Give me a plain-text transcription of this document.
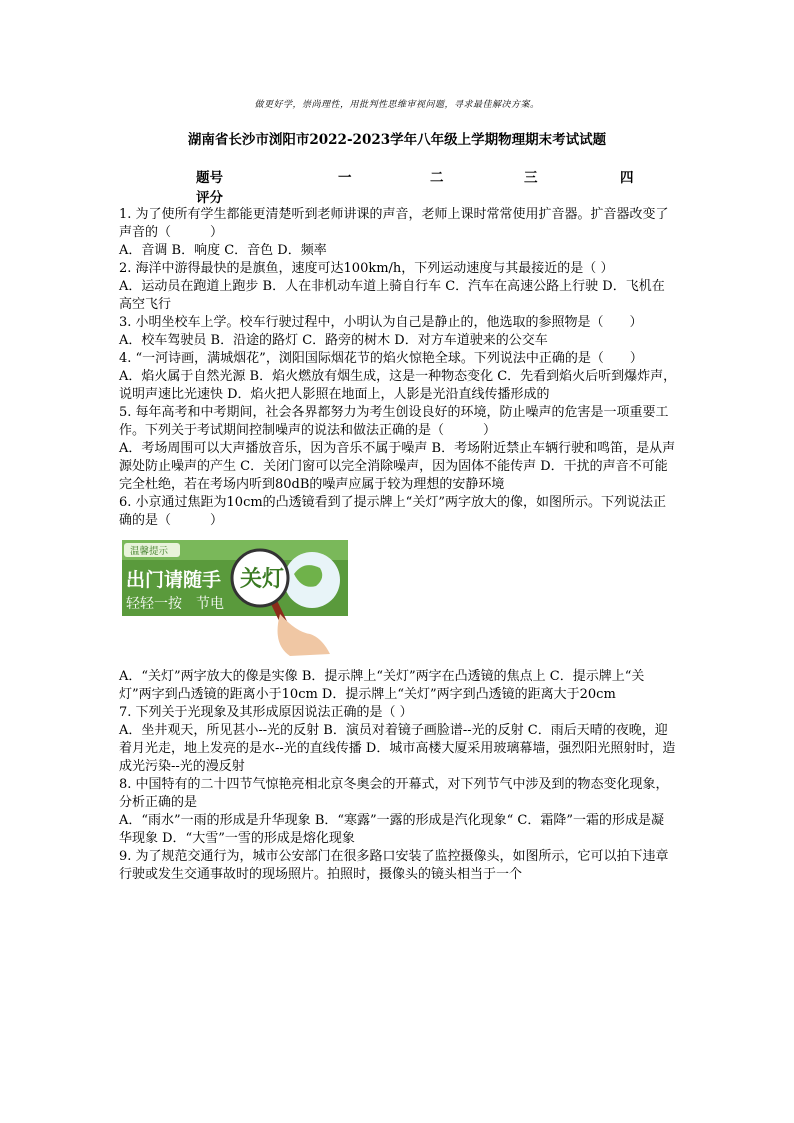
做更好学，崇尚理性，用批判性思维审视问题，寻求最佳解决方案。
湖南省长沙市浏阳市2022-2023学年八年级上学期物理期末考试试题
题号	一	二	三	四
评分

1. 为了使所有学生都能更清楚听到老师讲课的声音，老师上课时常常使用扩音器。扩音器改变了声音的（　　　）

A．音调 B．响度 C．音色 D．频率

2. 海洋中游得最快的是旗鱼，速度可达100km/h，下列运动速度与其最接近的是（ ）

A．运动员在跑道上跑步 B．人在非机动车道上骑自行车 C．汽车在高速公路上行驶 D．飞机在高空飞行

3. 小明坐校车上学。校车行驶过程中，小明认为自己是静止的，他选取的参照物是（　　）

A．校车驾驶员 B．沿途的路灯 C．路旁的树木 D．对方车道驶来的公交车

4. “一河诗画，满城烟花”，浏阳国际烟花节的焰火惊艳全球。下列说法中正确的是（　　）

A．焰火属于自然光源 B．焰火燃放有烟生成，这是一种物态变化 C．先看到焰火后听到爆炸声，说明声速比光速快 D．焰火把人影照在地面上，人影是光沿直线传播形成的

5. 每年高考和中考期间，社会各界都努力为考生创设良好的环境，防止噪声的危害是一项重要工作。下列关于考试期间控制噪声的说法和做法正确的是（　　　）

A．考场周围可以大声播放音乐，因为音乐不属于噪声 B．考场附近禁止车辆行驶和鸣笛，是从声源处防止噪声的产生 C．关闭门窗可以完全消除噪声，因为固体不能传声 D．干扰的声音不可能完全杜绝，若在考场内听到80dB的噪声应属于较为理想的安静环境

6. 小京通过焦距为10cm的凸透镜看到了提示牌上“关灯”两字放大的像，如图所示。下列说法正确的是（　　　）

温馨提示
出门请随手
轻轻一按　节电
关灯

A．“关灯”两字放大的像是实像 B．提示牌上“关灯”两字在凸透镜的焦点上 C．提示牌上“关灯”两字到凸透镜的距离小于10cm D．提示牌上“关灯”两字到凸透镜的距离大于20cm

7. 下列关于光现象及其形成原因说法正确的是（ ）

A．坐井观天，所见甚小--光的反射 B．演员对着镜子画脸谱--光的反射 C．雨后天晴的夜晚，迎着月光走，地上发亮的是水--光的直线传播 D．城市高楼大厦采用玻璃幕墙，强烈阳光照射时，造成光污染--光的漫反射

8. 中国特有的二十四节气惊艳亮相北京冬奥会的开幕式，对下列节气中涉及到的物态变化现象，分析正确的是

A．“雨水”一雨的形成是升华现象 B．“寒露”一露的形成是汽化现象“ C．霜降”一霜的形成是凝华现象 D．“大雪”一雪的形成是熔化现象

9. 为了规范交通行为，城市公安部门在很多路口安装了监控摄像头，如图所示，它可以拍下违章行驶或发生交通事故时的现场照片。拍照时，摄像头的镜头相当于一个
